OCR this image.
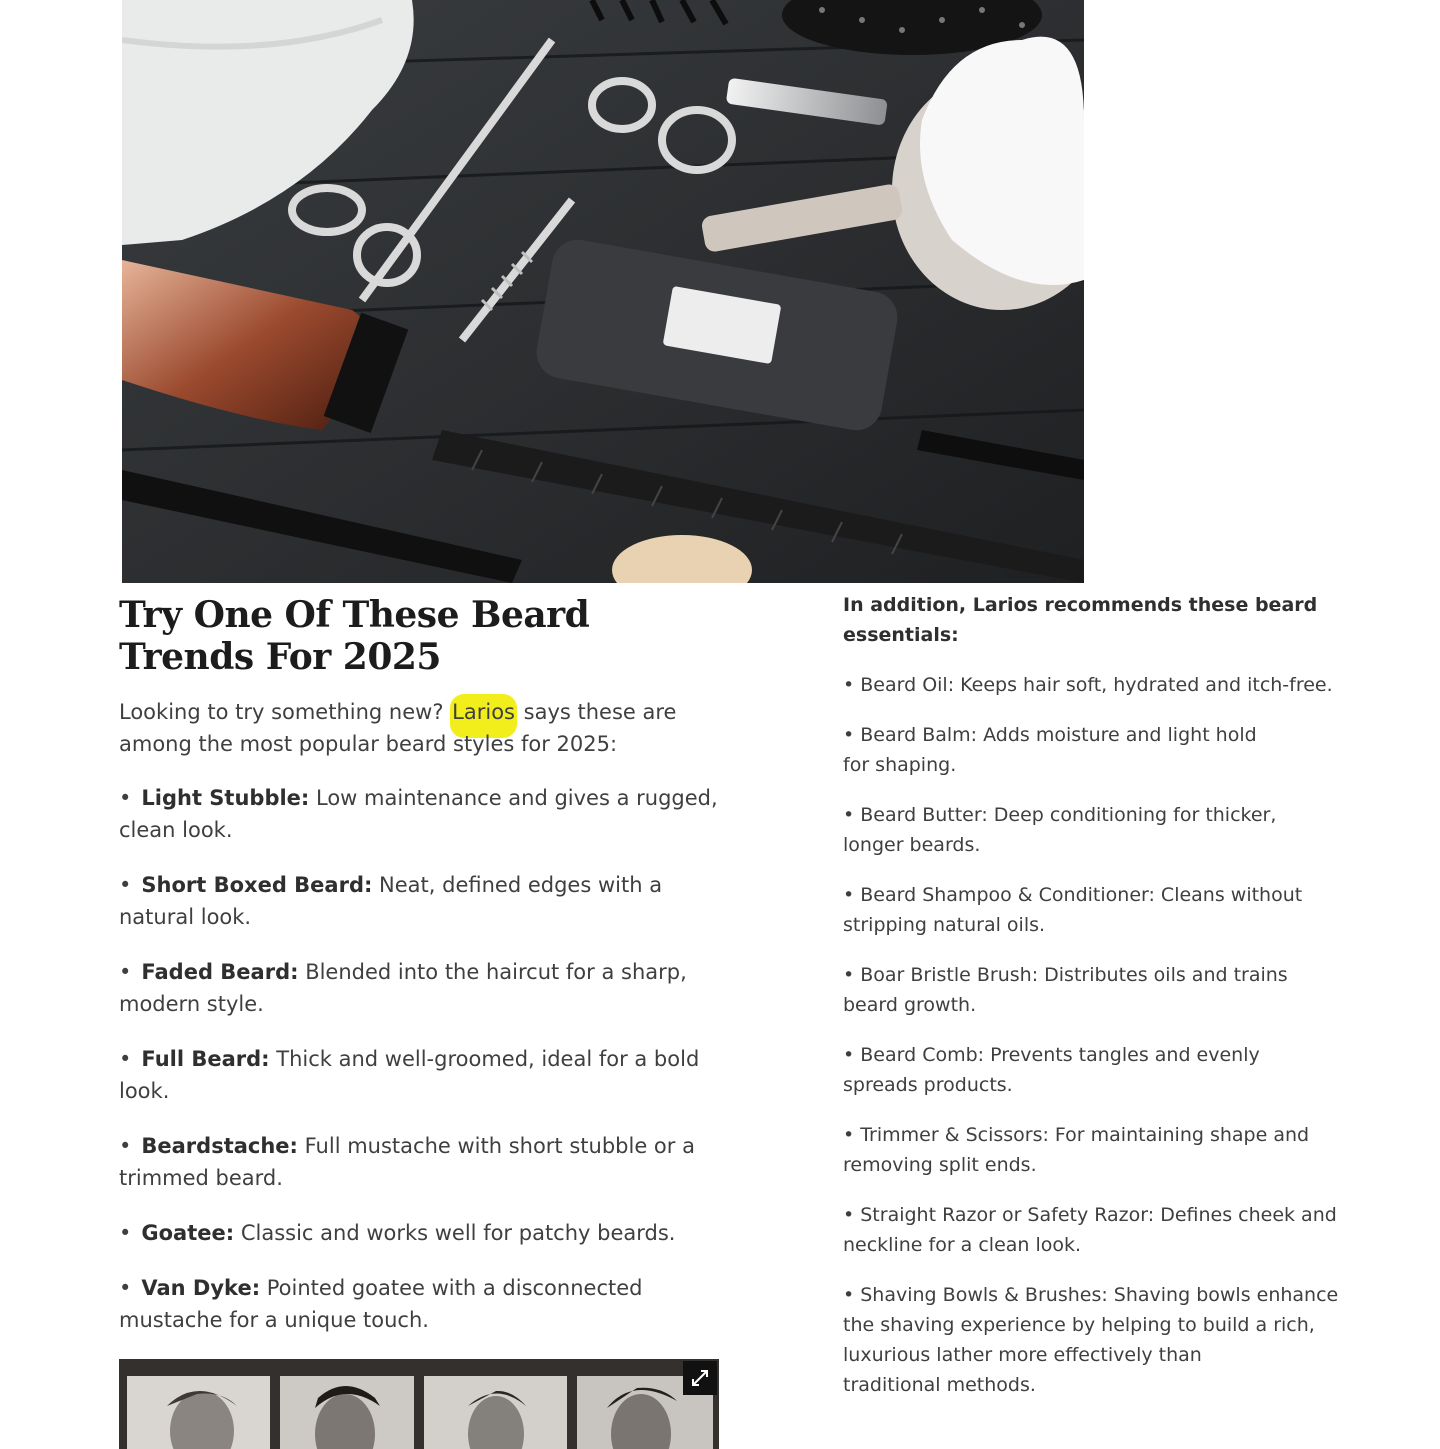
Try One Of These Beard Trends For 2025

Looking to try something new? Larios says these are among the most popular beard styles for 2025:

• Light Stubble: Low maintenance and gives a rugged, clean look.
• Short Boxed Beard: Neat, defined edges with a natural look.
• Faded Beard: Blended into the haircut for a sharp, modern style.
• Full Beard: Thick and well-groomed, ideal for a bold look.
• Beardstache: Full mustache with short stubble or a trimmed beard.
• Goatee: Classic and works well for patchy beards.
• Van Dyke: Pointed goatee with a disconnected mustache for a unique touch.

In addition, Larios recommends these beard essentials:

• Beard Oil: Keeps hair soft, hydrated and itch-free.
• Beard Balm: Adds moisture and light hold
for shaping.
• Beard Butter: Deep conditioning for thicker,
longer beards.
• Beard Shampoo & Conditioner: Cleans without
stripping natural oils.
• Boar Bristle Brush: Distributes oils and trains
beard growth.
• Beard Comb: Prevents tangles and evenly
spreads products.
• Trimmer & Scissors: For maintaining shape and
removing split ends.
• Straight Razor or Safety Razor: Defines cheek and
neckline for a clean look.
• Shaving Bowls & Brushes: Shaving bowls enhance
the shaving experience by helping to build a rich,
luxurious lather more effectively than
traditional methods.
